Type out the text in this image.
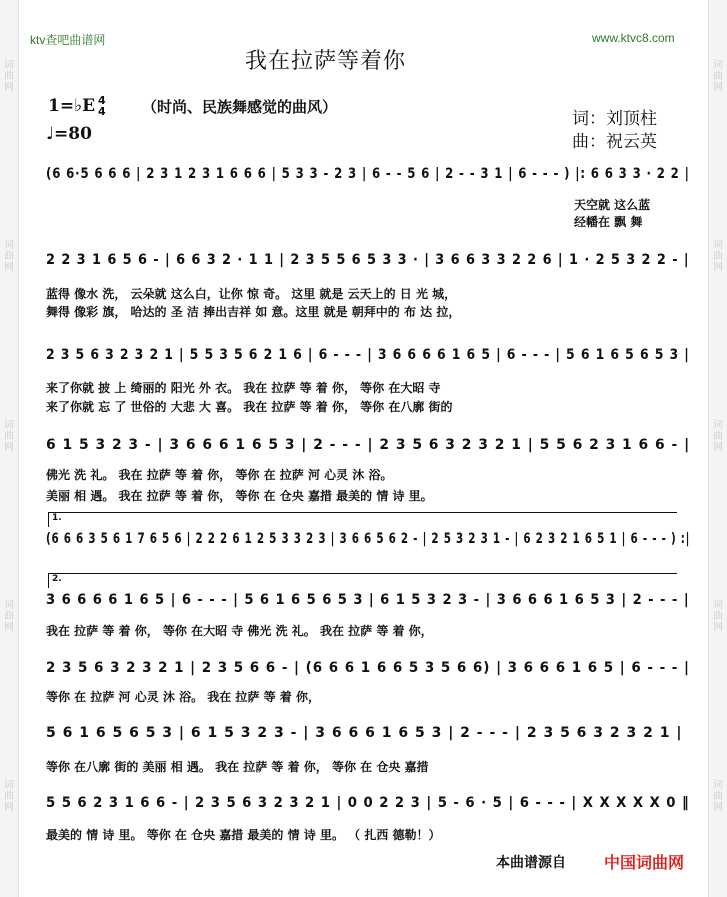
词曲网
词曲网
词曲网
词曲网
词曲网
词曲网
词曲网
词曲网
词曲网
词曲网
ktv查吧曲谱网	www.ktvc8.com
我在拉萨等着你
1=♭E 4
4 （时尚、民族舞感觉的曲风）
♩=80
词：刘顶柱
曲：祝云英
(6 6·5 6 6 6 | 2 3 1 2 3 1 6 6 6 | 5 3 3 - 2 3 | 6 - - 5 6 | 2 - - 3 1 | 6 - - - ) |: 6 6 3 3 · 2 2 |
天空就 这么蓝
经幡在 飘 舞
2 2 3 1 6 5 6 - | 6 6 3 2 · 1 1 | 2 3 5 5 6 5 3 3 · | 3 6 6 3 3 2 2 6 | 1 · 2 5 3 2 2 - |
蓝得 像水 洗， 云朵就 这么白，让你 惊 奇。 这里 就是 云天上的 日 光 城，
舞得 像彩 旗， 哈达的 圣 洁 捧出吉祥 如 意。这里 就是 朝拜中的 布 达 拉，
2 3 5 6 3 2 3 2 1 | 5 5 3 5 6 2 1 6 | 6 - - - | 3 6 6 6 6 1 6 5 | 6 - - - | 5 6 1 6 5 6 5 3 |
来了你就 披 上 绮丽的 阳光 外 衣。 我在 拉萨 等 着 你， 等你 在大昭 寺
来了你就 忘 了 世俗的 大悲 大 喜。 我在 拉萨 等 着 你， 等你 在八廓 街的
6 1 5 3 2 3 - | 3 6 6 6 1 6 5 3 | 2 - - - | 2 3 5 6 3 2 3 2 1 | 5 5 6 2 3 1 6 6 - |
佛光 洗 礼。 我在 拉萨 等 着 你， 等你 在 拉萨 河 心灵 沐 浴。
美丽 相 遇。 我在 拉萨 等 着 你， 等你 在 仓央 嘉措 最美的 情 诗 里。
1.
(6 6 6 3 5 6 1 7 6 5 6 | 2 2 2 6 1 2 5 3 3 2 3 | 3 6 6 5 6 2 - | 2 5 3 2 3 1 - | 6 2 3 2 1 6 5 1 | 6 - - - ) :|
2.
3 6 6 6 6 1 6 5 | 6 - - - | 5 6 1 6 5 6 5 3 | 6 1 5 3 2 3 - | 3 6 6 6 1 6 5 3 | 2 - - - |
我在 拉萨 等 着 你， 等你 在大昭 寺 佛光 洗 礼。 我在 拉萨 等 着 你，
2 3 5 6 3 2 3 2 1 | 2 3 5 6 6 - | (6 6 6 1 6 6 5 3 5 6 6) | 3 6 6 6 1 6 5 | 6 - - - |
等你 在 拉萨 河 心灵 沐 浴。 我在 拉萨 等 着 你，
5 6 1 6 5 6 5 3 | 6 1 5 3 2 3 - | 3 6 6 6 1 6 5 3 | 2 - - - | 2 3 5 6 3 2 3 2 1 |
等你 在八廓 街的 美丽 相 遇。 我在 拉萨 等 着 你， 等你 在 仓央 嘉措
5 5 6 2 3 1 6 6 - | 2 3 5 6 3 2 3 2 1 | 0 0 2 2 3 | 5 - 6 · 5 | 6 - - - | X X X X X 0 ‖
最美的 情 诗 里。 等你 在 仓央 嘉措 最美的 情 诗 里。 （ 扎西 德勒！）
本曲谱源自 中国词曲网
